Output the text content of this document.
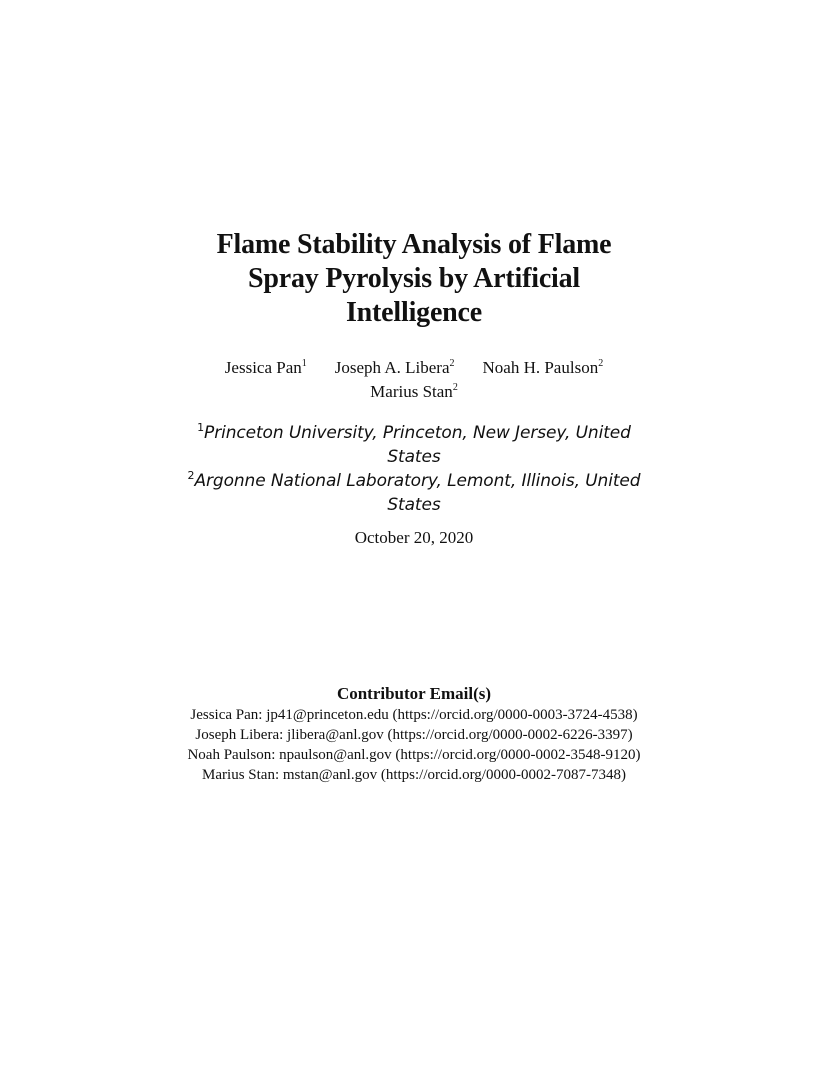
Flame Stability Analysis of Flame
Spray Pyrolysis by Artificial
Intelligence
Jessica Pan$^1$ Joseph A. Libera$^2$ Noah H. Paulson$^2$
Marius Stan$^2$
$^1$Princeton University, Princeton, New Jersey, United
States
$^2$Argonne National Laboratory, Lemont, Illinois, United
States
October 20, 2020
Contributor Email(s)
Jessica Pan: jp41@princeton.edu (https://orcid.org/0000-0003-3724-4538)
Joseph Libera: jlibera@anl.gov (https://orcid.org/0000-0002-6226-3397)
Noah Paulson: npaulson@anl.gov (https://orcid.org/0000-0002-3548-9120)
Marius Stan: mstan@anl.gov (https://orcid.org/0000-0002-7087-7348)
